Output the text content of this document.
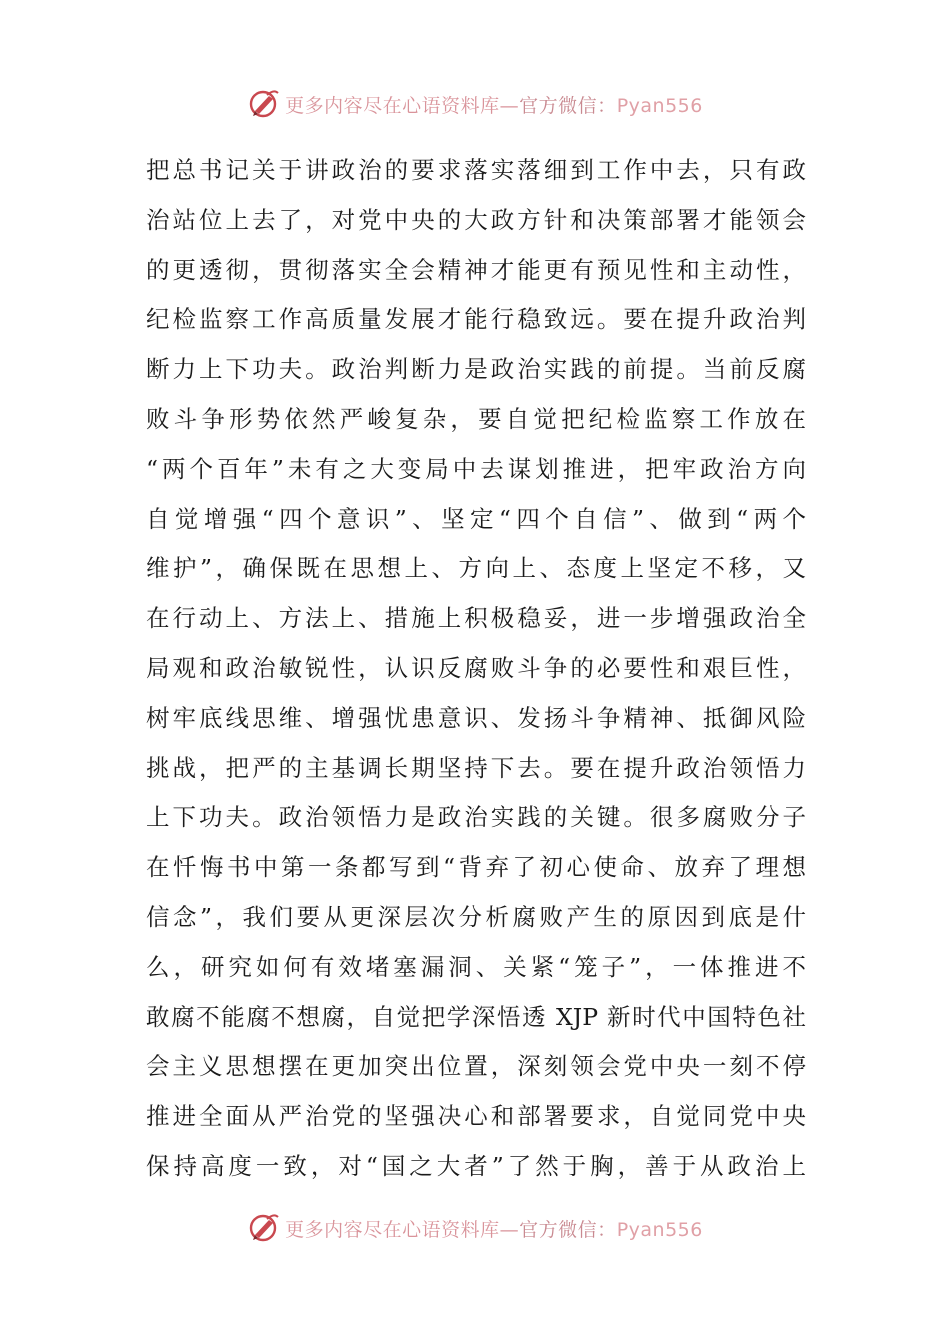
更多内容尽在心语资料库—官方微信：Pyan556
把总书记关于讲政治的要求落实落细到工作中去，只有政
治站位上去了，对党中央的大政方针和决策部署才能领会
的更透彻，贯彻落实全会精神才能更有预见性和主动性，
纪检监察工作高质量发展才能行稳致远。要在提升政治判
断力上下功夫。政治判断力是政治实践的前提。当前反腐
败斗争形势依然严峻复杂，要自觉把纪检监察工作放在
“两个百年”未有之大变局中去谋划推进，把牢政治方向
自觉增强“四个意识”、坚定“四个自信”、做到“两个
维护”，确保既在思想上、方向上、态度上坚定不移，又
在行动上、方法上、措施上积极稳妥，进一步增强政治全
局观和政治敏锐性，认识反腐败斗争的必要性和艰巨性，
树牢底线思维、增强忧患意识、发扬斗争精神、抵御风险
挑战，把严的主基调长期坚持下去。要在提升政治领悟力
上下功夫。政治领悟力是政治实践的关键。很多腐败分子
在忏悔书中第一条都写到“背弃了初心使命、放弃了理想
信念”，我们要从更深层次分析腐败产生的原因到底是什
么，研究如何有效堵塞漏洞、关紧“笼子”，一体推进不
敢腐不能腐不想腐，自觉把学深悟透 XJP 新时代中国特色社
会主义思想摆在更加突出位置，深刻领会党中央一刻不停
推进全面从严治党的坚强决心和部署要求，自觉同党中央
保持高度一致，对“国之大者”了然于胸，善于从政治上
更多内容尽在心语资料库—官方微信：Pyan556
